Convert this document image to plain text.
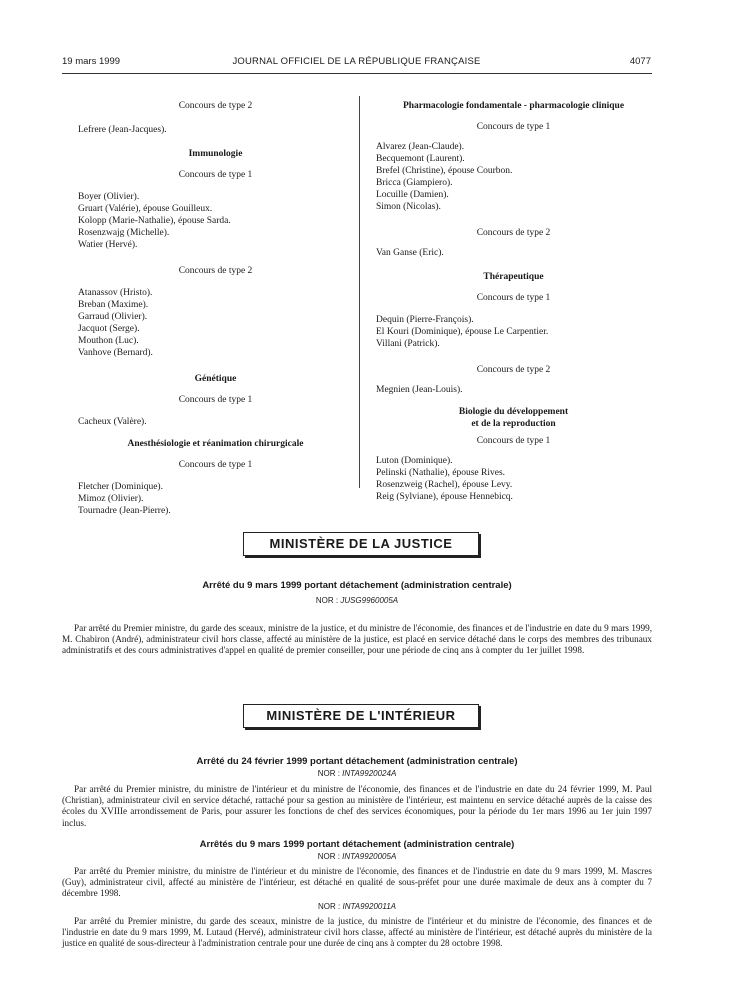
19 mars 1999	JOURNAL OFFICIEL DE LA RÉPUBLIQUE FRANÇAISE	4077

Concours de type 2

Lefrere (Jean-Jacques).

Immunologie

Concours de type 1

Boyer (Olivier).
Gruart (Valérie), épouse Gouilleux.
Kolopp (Marie-Nathalie), épouse Sarda.
Rosenzwajg (Michelle).
Watier (Hervé).

Concours de type 2

Atanassov (Hristo).
Breban (Maxime).
Garraud (Olivier).
Jacquot (Serge).
Mouthon (Luc).
Vanhove (Bernard).

Génétique

Concours de type 1

Cacheux (Valère).

Anesthésiologie et réanimation chirurgicale

Concours de type 1

Fletcher (Dominique).
Mimoz (Olivier).
Tournadre (Jean-Pierre).

Pharmacologie fondamentale - pharmacologie clinique

Concours de type 1

Alvarez (Jean-Claude).
Becquemont (Laurent).
Brefel (Christine), épouse Courbon.
Bricca (Giampiero).
Locuille (Damien).
Simon (Nicolas).

Concours de type 2

Van Ganse (Eric).

Thérapeutique

Concours de type 1

Dequin (Pierre-François).
El Kouri (Dominique), épouse Le Carpentier.
Villani (Patrick).

Concours de type 2

Megnien (Jean-Louis).

Biologie du développement
et de la reproduction

Concours de type 1

Luton (Dominique).
Pelinski (Nathalie), épouse Rives.
Rosenzweig (Rachel), épouse Levy.
Reig (Sylviane), épouse Hennebicq.
MINISTÈRE DE LA JUSTICE
Arrêté du 9 mars 1999 portant détachement (administration centrale)
NOR : JUSG9960005A

Par arrêté du Premier ministre, du garde des sceaux, ministre de la justice, et du ministre de l'économie, des finances et de l'industrie en date du 9 mars 1999, M. Chabiron (André), administrateur civil hors classe, affecté au ministère de la justice, est placé en service détaché dans le corps des membres des tribunaux administratifs et des cours administratives d'appel en qualité de premier conseiller, pour une période de cinq ans à compter du 1er juillet 1998.

MINISTÈRE DE L'INTÉRIEUR
Arrêté du 24 février 1999 portant détachement (administration centrale)
NOR : INTA9920024A

Par arrêté du Premier ministre, du ministre de l'intérieur et du ministre de l'économie, des finances et de l'industrie en date du 24 février 1999, M. Paul (Christian), administrateur civil en service détaché, rattaché pour sa gestion au ministère de l'intérieur, est maintenu en service détaché auprès de la caisse des écoles du XVIIIe arrondissement de Paris, pour assurer les fonctions de chef des services économiques, pour la période du 1er mars 1996 au 1er juin 1997 inclus.

Arrêtés du 9 mars 1999 portant détachement (administration centrale)
NOR : INTA9920005A

Par arrêté du Premier ministre, du ministre de l'intérieur et du ministre de l'économie, des finances et de l'industrie en date du 9 mars 1999, M. Mascres (Guy), administrateur civil, affecté au ministère de l'intérieur, est détaché en qualité de sous-préfet pour une durée maximale de deux ans à compter du 7 décembre 1998.

NOR : INTA9920011A

Par arrêté du Premier ministre, du garde des sceaux, ministre de la justice, du ministre de l'intérieur et du ministre de l'économie, des finances et de l'industrie en date du 9 mars 1999, M. Lutaud (Hervé), administrateur civil hors classe, affecté au ministère de l'intérieur, est détaché auprès du ministère de la justice en qualité de sous-directeur à l'administration centrale pour une durée de cinq ans à compter du 28 octobre 1998.
